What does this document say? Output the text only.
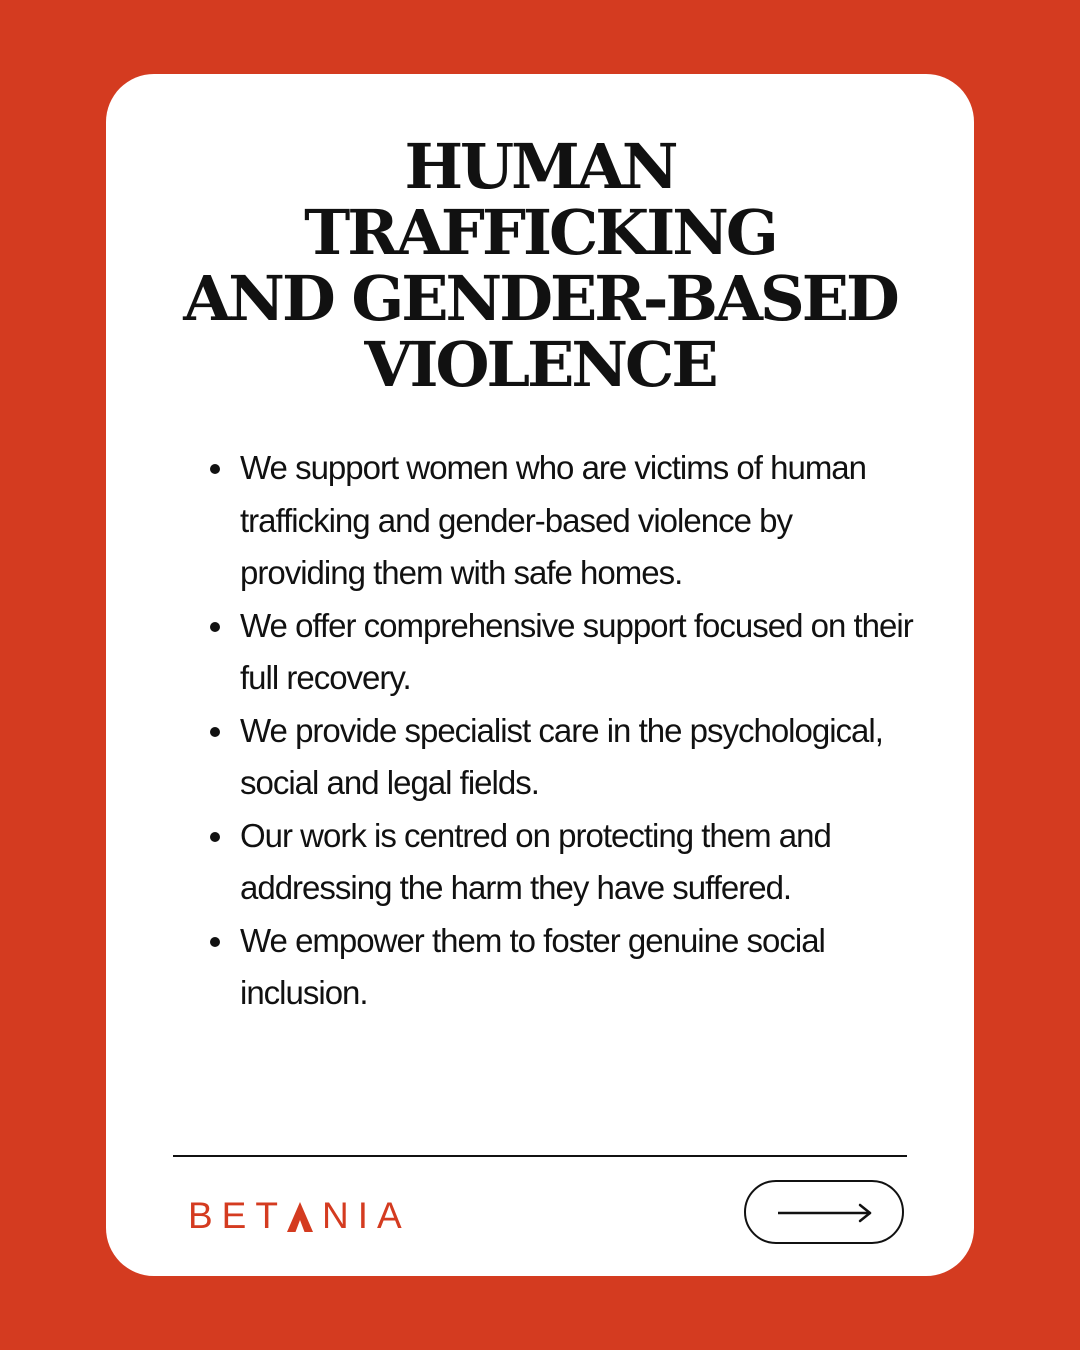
HUMAN
TRAFFICKING
AND GENDER-BASED
VIOLENCE
We support women who are victims of human trafficking and gender-based violence by providing them with safe homes.
We offer comprehensive support focused on their full recovery.
We provide specialist care in the psychological, social and legal fields.
Our work is centred on protecting them and addressing the harm they have suffered.
We empower them to foster genuine social inclusion.
BET NIA
